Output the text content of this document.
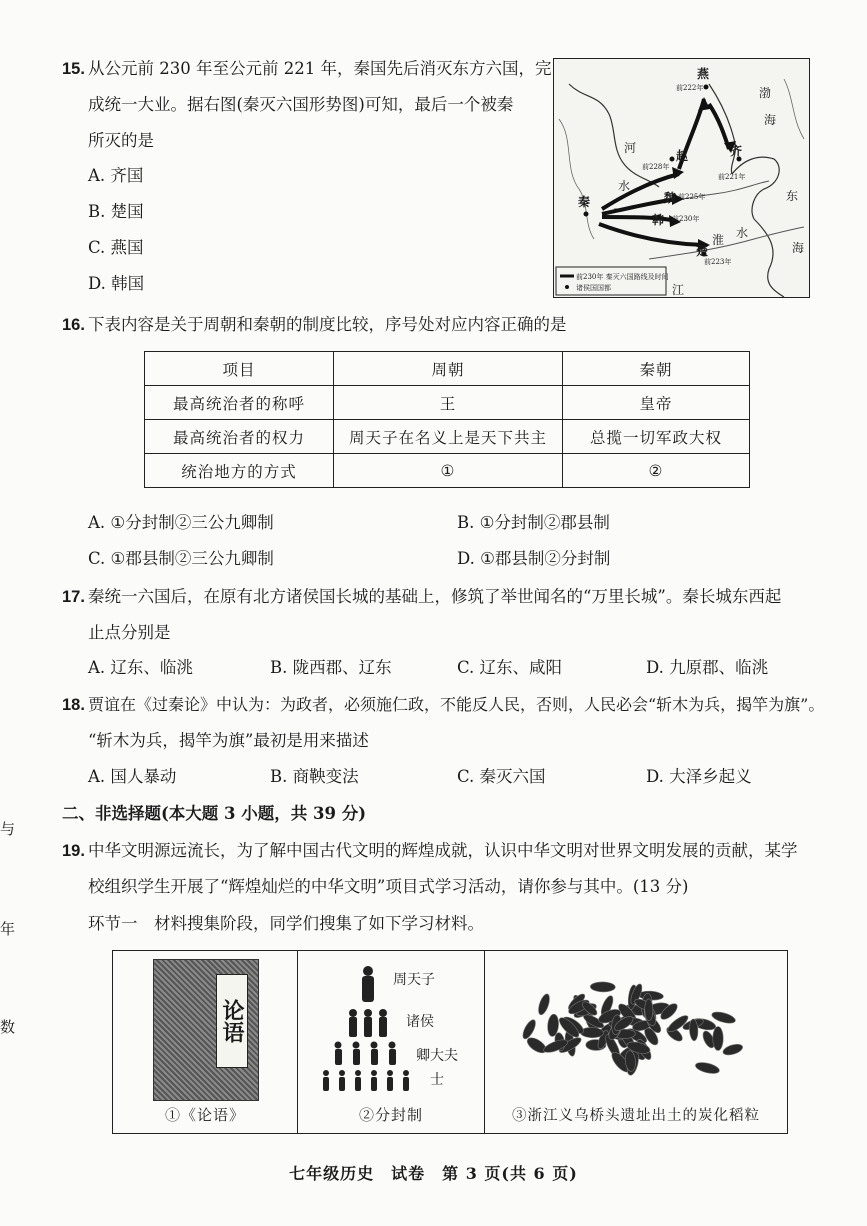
15. 从公元前 230 年至公元前 221 年，秦国先后消灭东方六国，完
成统一大业。据右图(秦灭六国形势图)可知，最后一个被秦
所灭的是
A. 齐国
B. 楚国
C. 燕国
D. 韩国
燕
前222年
赵
前228年
齐
前221年
魏 前225年
韩 前230年
楚
前223年
秦
渤
海
东
海
河
水
淮 水
江
前230年 秦灭六国路线及时间
诸侯国国都
16. 下表内容是关于周朝和秦朝的制度比较，序号处对应内容正确的是
项目	周朝	秦朝
最高统治者的称呼	王	皇帝
最高统治者的权力	周天子在名义上是天下共主	总揽一切军政大权
统治地方的方式	①	②
A. ①分封制②三公九卿制	B. ①分封制②郡县制
C. ①郡县制②三公九卿制	D. ①郡县制②分封制
17. 秦统一六国后，在原有北方诸侯国长城的基础上，修筑了举世闻名的“万里长城”。秦长城东西起
止点分别是
A. 辽东、临洮	B. 陇西郡、辽东	C. 辽东、咸阳	D. 九原郡、临洮
18. 贾谊在《过秦论》中认为：为政者，必须施仁政，不能反人民，否则，人民必会“斩木为兵，揭竿为旗”。
“斩木为兵，揭竿为旗”最初是用来描述
A. 国人暴动	B. 商鞅变法	C. 秦灭六国	D. 大泽乡起义
二、非选择题(本大题 3 小题，共 39 分)
19. 中华文明源远流长，为了解中国古代文明的辉煌成就，认识中华文明对世界文明发展的贡献，某学
校组织学生开展了“辉煌灿烂的中华文明”项目式学习活动，请你参与其中。(13 分)
环节一　材料搜集阶段，同学们搜集了如下学习材料。
论语
①《论语》
周天子
诸侯
卿大夫
士
②分封制	③浙江义乌桥头遗址出土的炭化稻粒
与
年
数
七年级历史　试卷　第 3 页(共 6 页)
